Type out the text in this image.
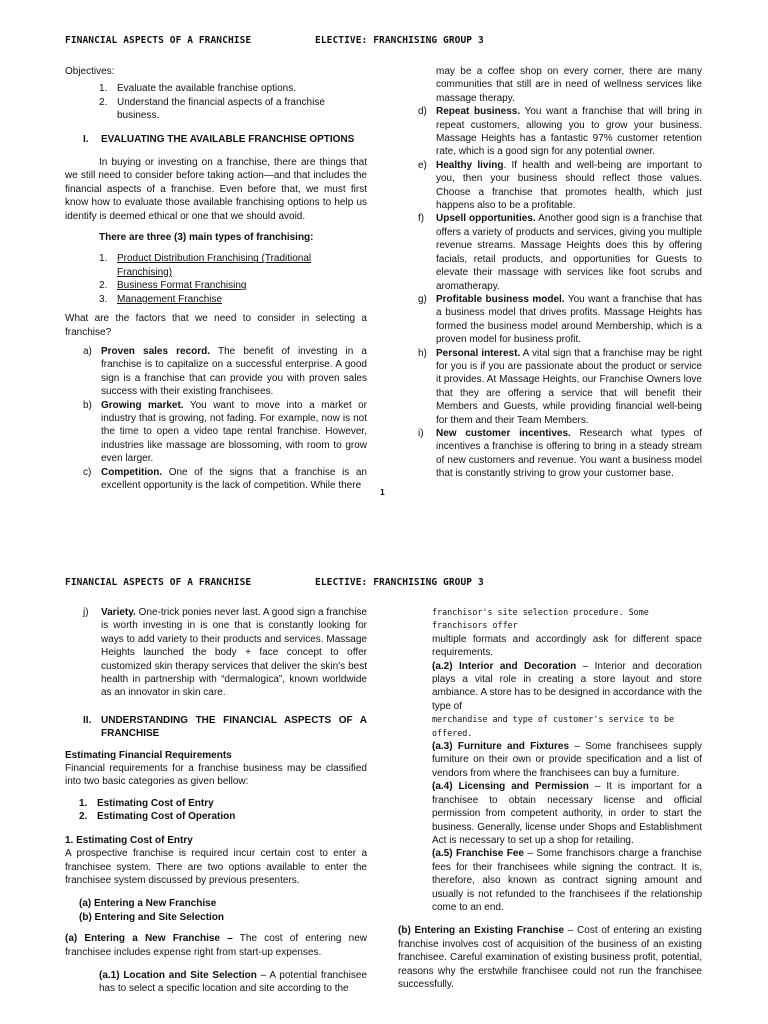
FINANCIAL ASPECTS OF A FRANCHISE	ELECTIVE: FRANCHISING GROUP 3
Objectives:
1. Evaluate the available franchise options.
2. Understand the financial aspects of a franchise business.
I.	EVALUATING THE AVAILABLE FRANCHISE OPTIONS

In buying or investing on a franchise, there are things that we still need to consider before taking action—and that includes the financial aspects of a franchise. Even before that, we must first know how to evaluate those available franchising options to help us identify is deemed ethical or one that we should avoid.

There are three (3) main types of franchising:
1. Product Distribution Franchising (Traditional Franchising)
2. Business Format Franchising
3. Management Franchise

What are the factors that we need to consider in selecting a franchise?

a) Proven sales record. The benefit of investing in a franchise is to capitalize on a successful enterprise. A good sign is a franchise that can provide you with proven sales success with their existing franchisees.
b) Growing market. You want to move into a market or industry that is growing, not fading. For example, now is not the time to open a video tape rental franchise. However, industries like massage are blossoming, with room to grow even larger.
c) Competition. One of the signs that a franchise is an excellent opportunity is the lack of competition. While there

may be a coffee shop on every corner, there are many communities that still are in need of wellness services like massage therapy.

d) Repeat business. You want a franchise that will bring in repeat customers, allowing you to grow your business. Massage Heights has a fantastic 97% customer retention rate, which is a good sign for any potential owner.
e) Healthy living. If health and well-being are important to you, then your business should reflect those values. Choose a franchise that promotes health, which just happens also to be a profitable.
f)	Upsell opportunities. Another good sign is a franchise that offers a variety of products and services, giving you multiple revenue streams. Massage Heights does this by offering facials, retail products, and opportunities for Guests to elevate their massage with services like foot scrubs and aromatherapy.
g) Profitable business model. You want a franchise that has a business model that drives profits. Massage Heights has formed the business model around Membership, which is a proven model for business profit.
h) Personal interest. A vital sign that a franchise may be right for you is if you are passionate about the product or service it provides. At Massage Heights, our Franchise Owners love that they are offering a service that will benefit their Members and Guests, while providing financial well-being for them and their Team Members.
i)	New customer incentives. Research what types of incentives a franchise is offering to bring in a steady stream of new customers and revenue. You want a business model that is constantly striving to grow your customer base.
1
FINANCIAL ASPECTS OF A FRANCHISE	ELECTIVE: FRANCHISING GROUP 3
j)	Variety. One-trick ponies never last. A good sign a franchise is worth investing in is one that is constantly looking for ways to add variety to their products and services. Massage Heights launched the body + face concept to offer customized skin therapy services that deliver the skin's best health in partnership with “dermalogica”, known worldwide as an innovator in skin care.
II. UNDERSTANDING THE FINANCIAL ASPECTS OF A FRANCHISE
Estimating Financial Requirements

Financial requirements for a franchise business may be classified into two basic categories as given bellow:

1. Estimating Cost of Entry
2. Estimating Cost of Operation
1. Estimating Cost of Entry

A prospective franchise is required incur certain cost to enter a franchisee system. There are two options available to enter the franchisee system discussed by previous presenters.

(a) Entering a New Franchise
(b) Entering and Site Selection

(a) Entering a New Franchise – The cost of entering new franchisee includes expense right from start-up expenses.

(a.1) Location and Site Selection – A potential franchisee has to select a specific location and site according to the

franchisor's site selection procedure. Some franchisors offer

multiple formats and accordingly ask for different space requirements.

(a.2) Interior and Decoration – Interior and decoration plays a vital role in creating a store layout and store ambiance. A store has to be designed in accordance with the type of

merchandise and type of customer's service to be offered.

(a.3) Furniture and Fixtures – Some franchisees supply furniture on their own or provide specification and a list of vendors from where the franchisees can buy a furniture.

(a.4) Licensing and Permission – It is important for a franchisee to obtain necessary license and official permission from competent authority, in order to start the business. Generally, license under Shops and Establishment Act is necessary to set up a shop for retailing.

(a.5) Franchise Fee – Some franchisors charge a franchise fees for their franchisees while signing the contract. It is, therefore, also known as contract signing amount and usually is not refunded to the franchisees if the relationship come to an end.

(b) Entering an Existing Franchise – Cost of entering an existing franchise involves cost of acquisition of the business of an existing franchisee. Careful examination of existing business profit, potential, reasons why the erstwhile franchisee could not run the franchisee successfully.
